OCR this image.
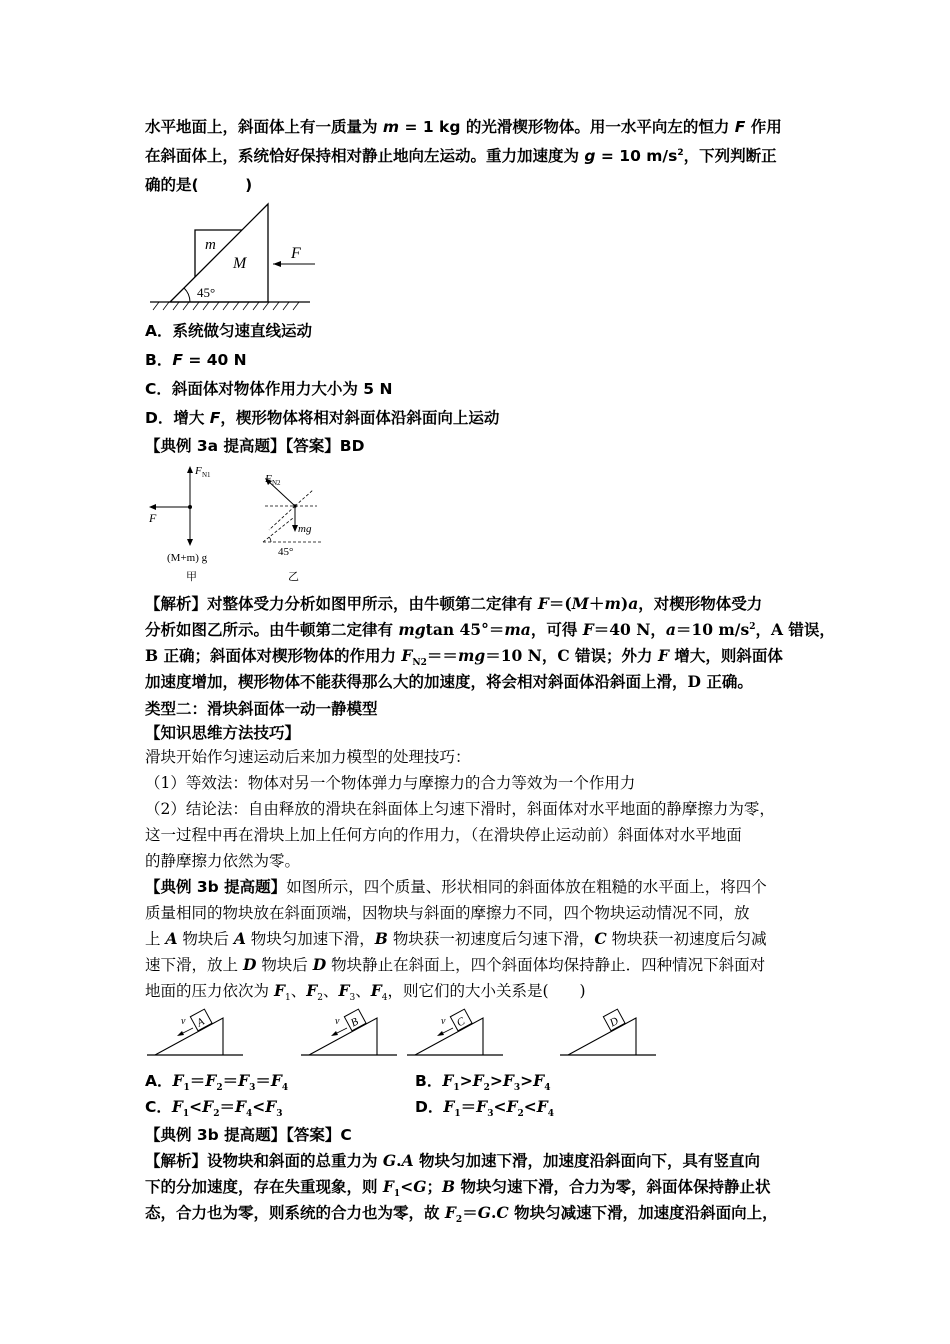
水平地面上，斜面体上有一质量为 m = 1 kg 的光滑楔形物体。用一水平向左的恒力 F 作用
在斜面体上，系统恰好保持相对静止地向左运动。重力加速度为 g = 10 $m/s^2$，下列判断正
确的是(　　　)
m
M
F
45°
A．系统做匀速直线运动
B．F = 40 N
C．斜面体对物体作用力大小为 5 N
D．增大 F，楔形物体将相对斜面体沿斜面向上运动
【典例 3a 提高题】【答案】BD
F N1
F
(M+m) g
甲
F N2
mg
45°
乙
【解析】对整体受力分析如图甲所示，由牛顿第二定律有 F＝(M＋m)a，对楔形物体受力
分析如图乙所示。由牛顿第二定律有 mgtan 45°＝ma，可得 F＝40 N，a＝10 $m/s^2$，A 错误，
B 正确；斜面体对楔形物体的作用力 $F_{N2}==mg=10$ N，C 错误；外力 F 增大，则斜面体
加速度增加，楔形物体不能获得那么大的加速度，将会相对斜面体沿斜面上滑，D 正确。
类型二：滑块斜面体一动一静模型
【知识思维方法技巧】
滑块开始作匀速运动后来加力模型的处理技巧：
（1）等效法：物体对另一个物体弹力与摩擦力的合力等效为一个作用力
（2）结论法：自由释放的滑块在斜面体上匀速下滑时，斜面体对水平地面的静摩擦力为零，
这一过程中再在滑块上加上任何方向的作用力，（在滑块停止运动前）斜面体对水平地面
的静摩擦力依然为零。
【典例 3b 提高题】如图所示，四个质量、形状相同的斜面体放在粗糙的水平面上，将四个
质量相同的物块放在斜面顶端，因物块与斜面的摩擦力不同，四个物块运动情况不同，放
上 A 物块后 A 物块匀加速下滑，B 物块获一初速度后匀速下滑，C 物块获一初速度后匀减
速下滑，放上 D 物块后 D 物块静止在斜面上，四个斜面体均保持静止．四种情况下斜面对
地面的压力依次为 $F_1$、$F_2$、$F_3$、$F_4$，则它们的大小关系是(　　)
A
v	B
v	C
v	D
A．$F_1=F_2=F_3=F_4$	B．$F_1>F_2>F_3>F_4$
C．$F_1<F_2=F_4<F_3$	D．$F_1=F_3<F_2<F_4$
【典例 3b 提高题】【答案】C
【解析】设物块和斜面的总重力为 G.A 物块匀加速下滑，加速度沿斜面向下，具有竖直向
下的分加速度，存在失重现象，则 $F_1<G$；B 物块匀速下滑，合力为零，斜面体保持静止状
态，合力也为零，则系统的合力也为零，故 $F_2=G.C$ 物块匀减速下滑，加速度沿斜面向上，
